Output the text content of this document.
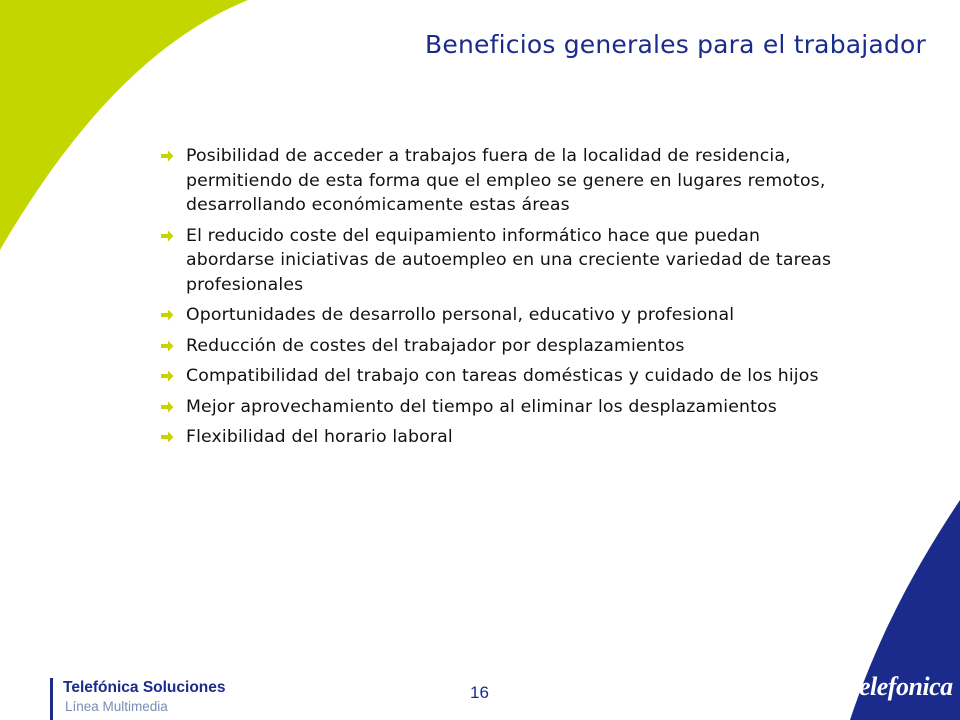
Beneficios generales para el trabajador
Posibilidad de acceder a trabajos fuera de la localidad de residencia, permitiendo de esta forma que el empleo se genere en lugares remotos, desarrollando económicamente estas áreas
El reducido coste del equipamiento informático hace que puedan abordarse iniciativas de autoempleo en una creciente variedad de tareas profesionales
Oportunidades de desarrollo personal, educativo y profesional
Reducción de costes del trabajador por desplazamientos
Compatibilidad del trabajo con tareas domésticas y cuidado de los hijos
Mejor aprovechamiento del tiempo al eliminar los desplazamientos
Flexibilidad del horario laboral
Telefónica Soluciones
Línea Multimedia
16	Telefonica
